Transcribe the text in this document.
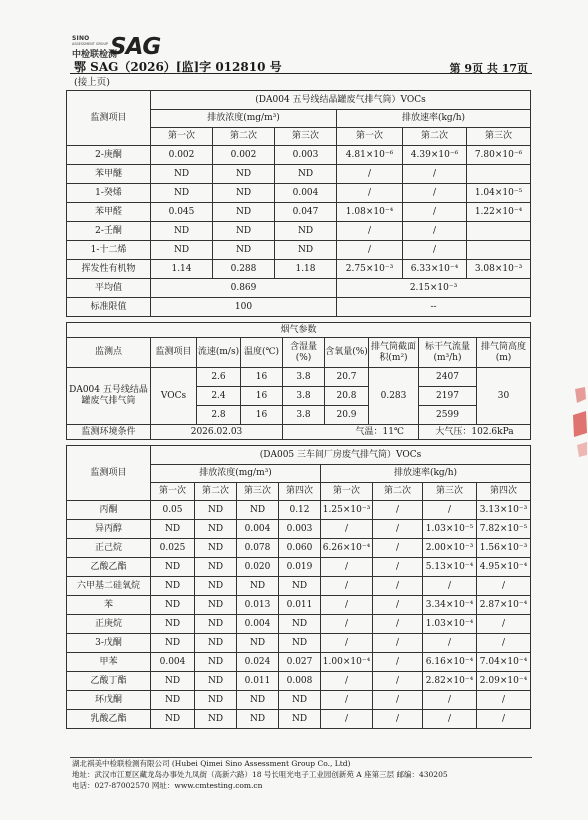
SINO
ASSESSMENT GROUP
中检联检测
SAG
鄂 SAG（2026）[监]字 012810 号	第 9页 共 17页
(接上页)
监测项目	(DA004 五号线结晶罐废气排气筒）VOCs					
	排放浓度(mg/m³)			排放速率(kg/h)		
	第一次	第二次	第三次	第一次	第二次	第三次
2-庚酮	0.002	0.002	0.003	4.81×10⁻⁶	4.39×10⁻⁶	7.80×10⁻⁶
苯甲醚	ND	ND	ND	/	/	
1-癸烯	ND	ND	0.004	/	/	1.04×10⁻⁵
苯甲醛	0.045	ND	0.047	1.08×10⁻⁴	/	1.22×10⁻⁴
2-壬酮	ND	ND	ND	/	/	
1-十二烯	ND	ND	ND	/	/	
挥发性有机物	1.14	0.288	1.18	2.75×10⁻³	6.33×10⁻⁴	3.08×10⁻³
平均值	0.869			2.15×10⁻³		
标准限值	100			--		
烟气参数								
监测点	监测项目	流速(m/s)	温度(℃)	含湿量(%)	含氧量(%)	排气筒截面积(m²)	标干气流量(m³/h)	排气筒高度(m)
DA004 五号线结晶罐废气排气筒	VOCs	2.6	16	3.8	20.7	0.283	2407	30
		2.4	16	3.8	20.8		2197	
		2.8	16	3.8	20.9		2599	
监测环境条件	2026.02.03			气温：11℃			大气压：102.6kPa	
监测项目	(DA005 三车间厂房废气排气筒）VOCs							
	排放浓度(mg/m³)				排放速率(kg/h)			
	第一次	第二次	第三次	第四次	第一次	第二次	第三次	第四次
丙酮	0.05	ND	ND	0.12	1.25×10⁻³	/	/	3.13×10⁻³
异丙醇	ND	ND	0.004	0.003	/	/	1.03×10⁻⁵	7.82×10⁻⁵
正己烷	0.025	ND	0.078	0.060	6.26×10⁻⁴	/	2.00×10⁻³	1.56×10⁻³
乙酸乙酯	ND	ND	0.020	0.019	/	/	5.13×10⁻⁴	4.95×10⁻⁴
六甲基二硅氧烷	ND	ND	ND	ND	/	/	/	/
苯	ND	ND	0.013	0.011	/	/	3.34×10⁻⁴	2.87×10⁻⁴
正庚烷	ND	ND	0.004	ND	/	/	1.03×10⁻⁴	/
3-戊酮	ND	ND	ND	ND	/	/	/	/
甲苯	0.004	ND	0.024	0.027	1.00×10⁻⁴	/	6.16×10⁻⁴	7.04×10⁻⁴
乙酸丁酯	ND	ND	0.011	0.008	/	/	2.82×10⁻⁴	2.09×10⁻⁴
环戊酮	ND	ND	ND	ND	/	/	/	/
乳酸乙酯	ND	ND	ND	ND	/	/	/	/
湖北祺美中检联检测有限公司 (Hubei Qimei Sino Assessment Group Co., Ltd)
地址：武汉市江夏区藏龙岛办事处九凤街（高新六路）18 号长咀光电子工业园创新苑 A 座第三层 邮编：430205
电话：027-87002570 网址：www.cmtesting.com.cn
